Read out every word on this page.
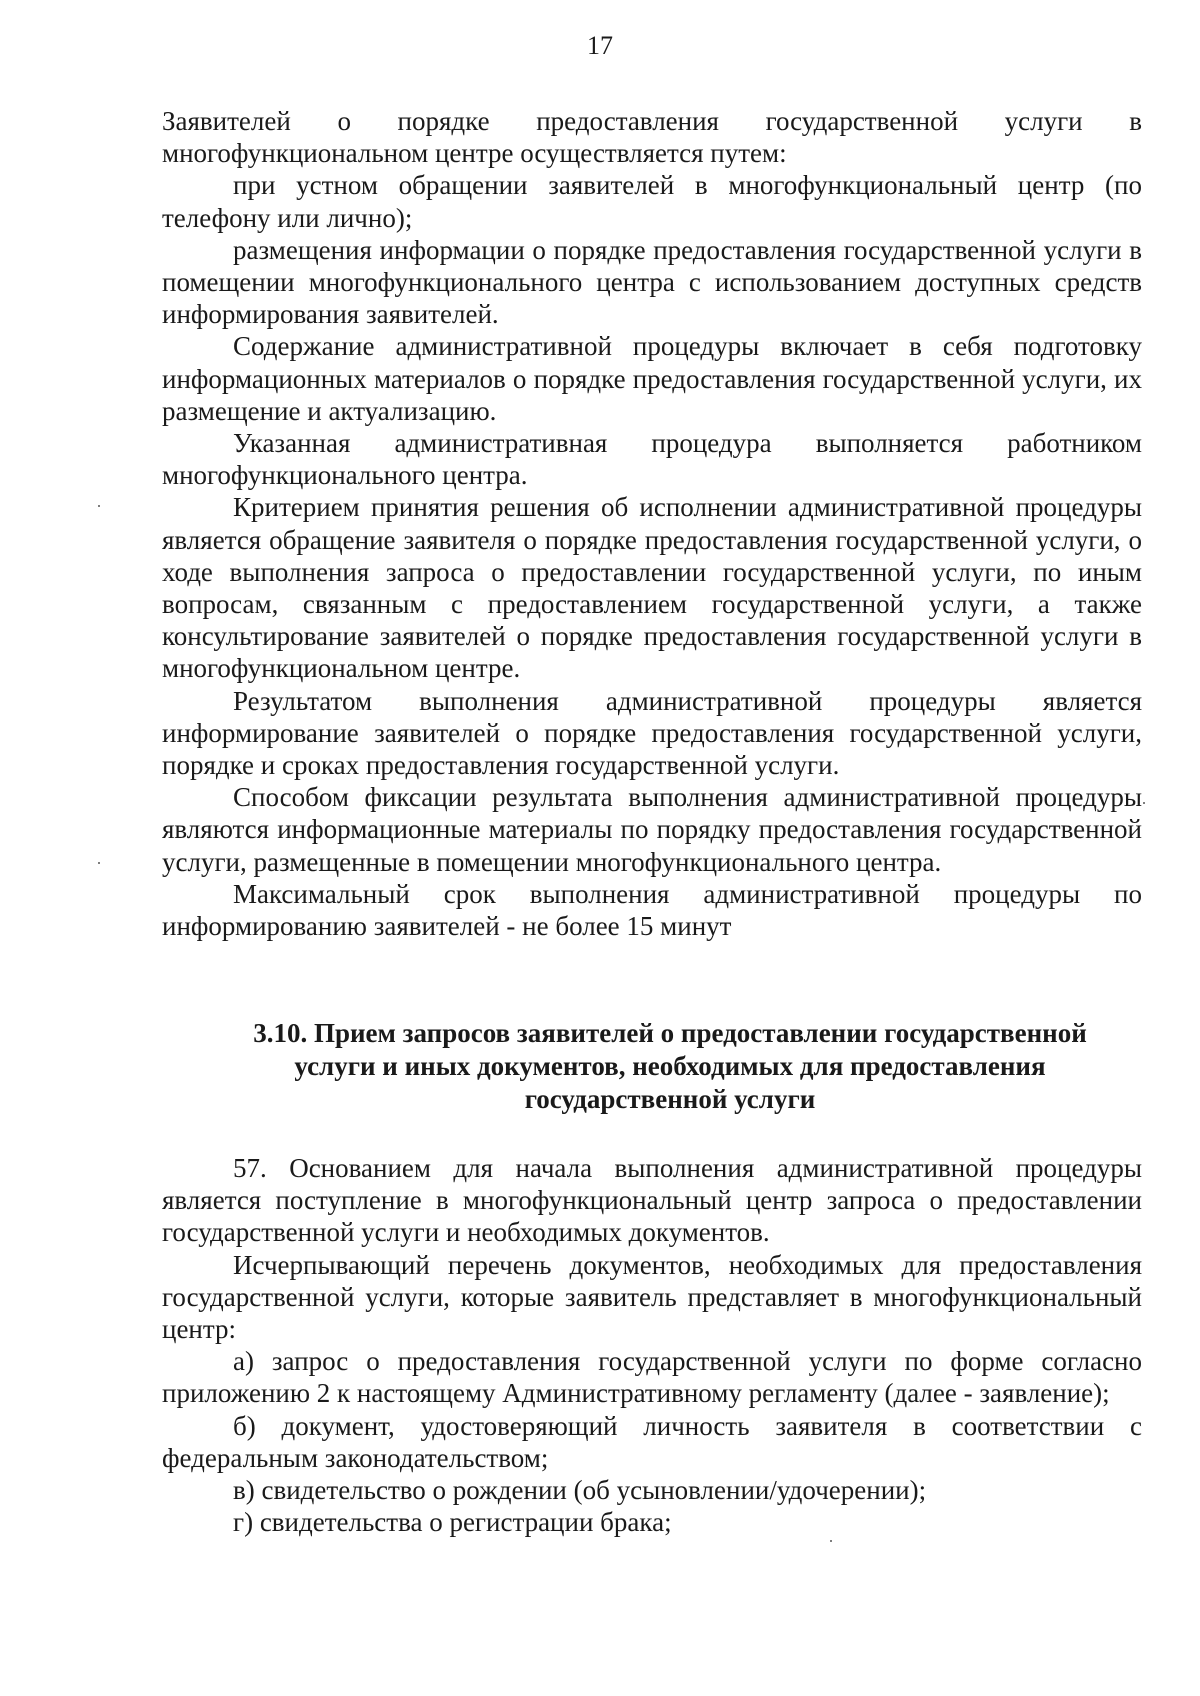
17

Заявителей о порядке предоставления государственной услуги в многофункциональном центре осуществляется путем:

при устном обращении заявителей в многофункциональный центр (по телефону или лично);

размещения информации о порядке предоставления государственной услуги в помещении многофункционального центра с использованием доступных средств информирования заявителей.

Содержание административной процедуры включает в себя подготовку информационных материалов о порядке предоставления государственной услуги, их размещение и актуализацию.

Указанная административная процедура выполняется работником многофункционального центра.

Критерием принятия решения об исполнении административной процедуры является обращение заявителя о порядке предоставления государственной услуги, о ходе выполнения запроса о предоставлении государственной услуги, по иным вопросам, связанным с предоставлением государственной услуги, а также консультирование заявителей о порядке предоставления государственной услуги в многофункциональном центре.

Результатом выполнения административной процедуры является информирование заявителей о порядке предоставления государственной услуги, порядке и сроках предоставления государственной услуги.

Способом фиксации результата выполнения административной процедуры являются информационные материалы по порядку предоставления государственной услуги, размещенные в помещении многофункционального центра.

Максимальный срок выполнения административной процедуры по информированию заявителей - не более 15 минут

3.10. Прием запросов заявителей о предоставлении государственной
услуги и иных документов, необходимых для предоставления
государственной услуги

57. Основанием для начала выполнения административной процедуры является поступление в многофункциональный центр запроса о предоставлении государственной услуги и необходимых документов.

Исчерпывающий перечень документов, необходимых для предоставления государственной услуги, которые заявитель представляет в многофункциональный центр:

а) запрос о предоставления государственной услуги по форме согласно приложению 2 к настоящему Административному регламенту (далее - заявление);

б) документ, удостоверяющий личность заявителя в соответствии с федеральным законодательством;

в) свидетельство о рождении (об усыновлении/удочерении);

г) свидетельства о регистрации брака;
